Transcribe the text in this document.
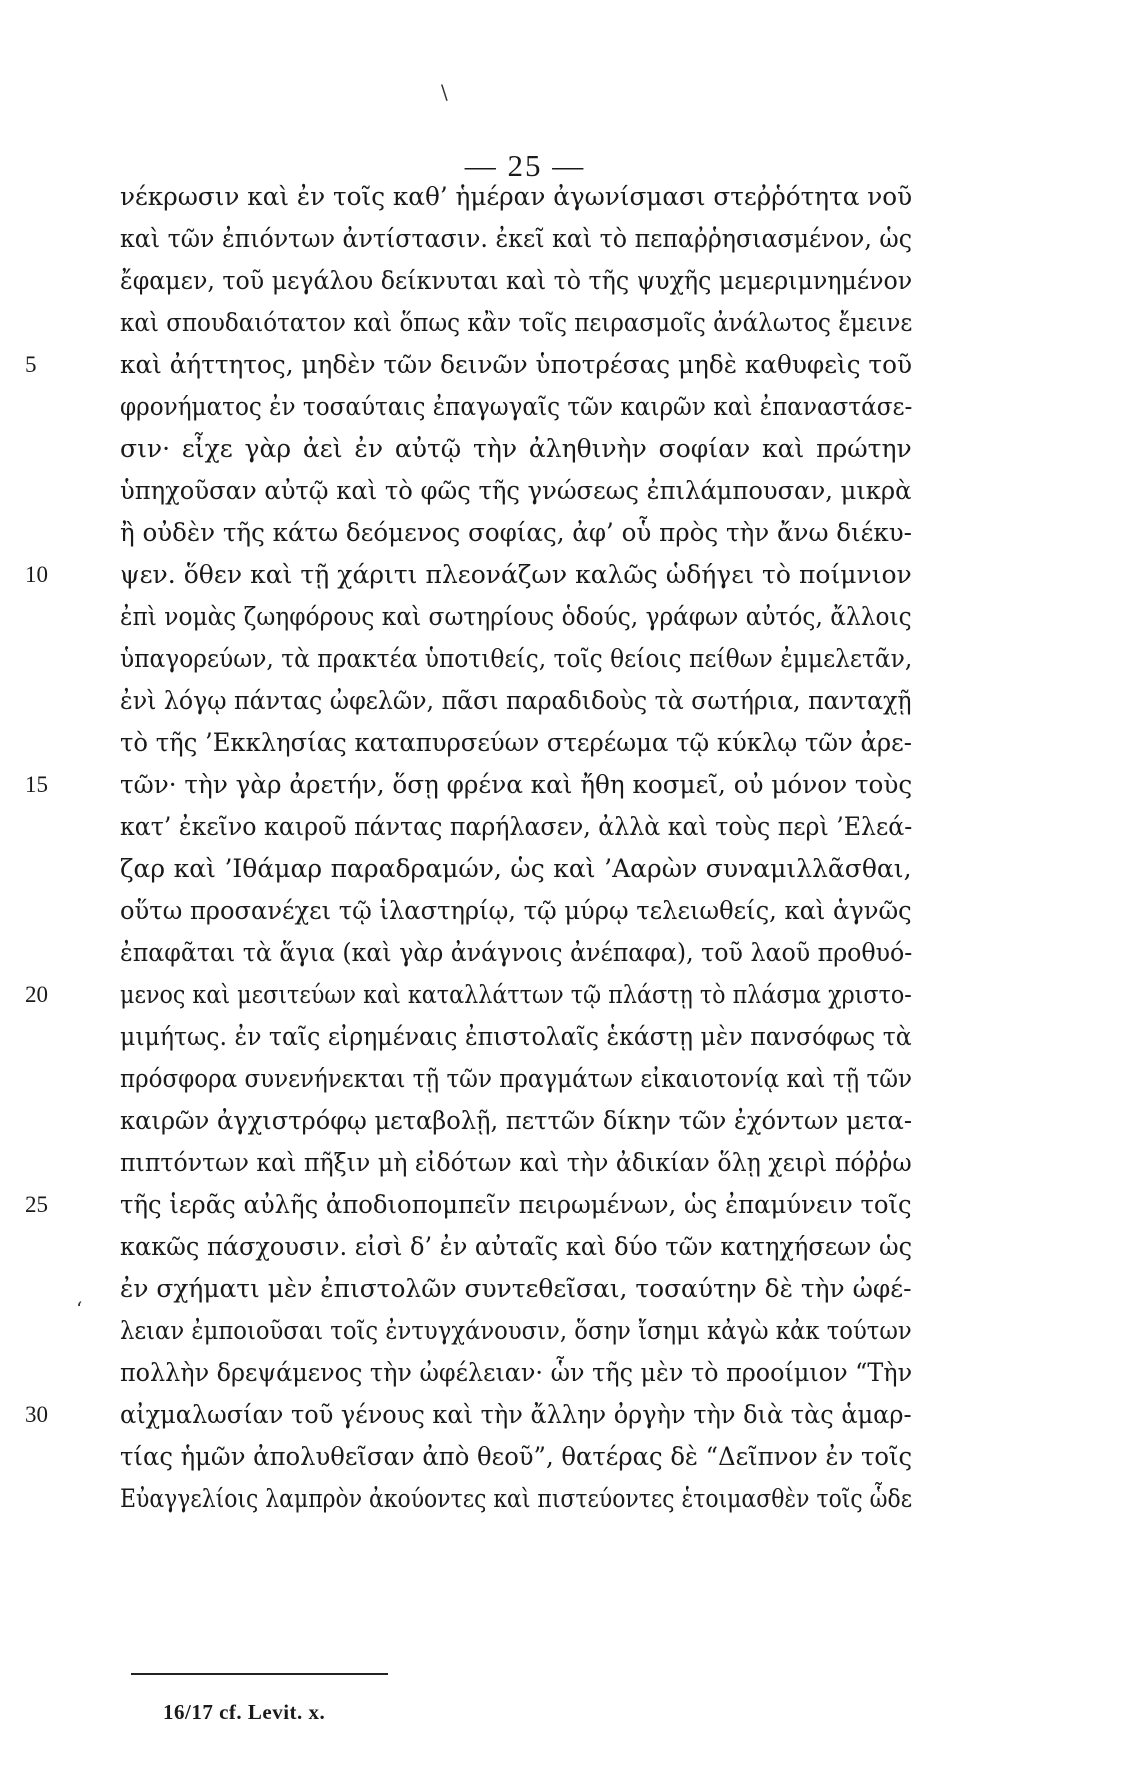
\
— 25 —
νέκρωσιν καὶ ἐν τοῖς καθ’ ἡμέραν ἀγωνίσμασι στεῤῥότητα νοῦ
καὶ τῶν ἐπιόντων ἀντίστασιν. ἐκεῖ καὶ τὸ πεπαῤῥησιασμένον, ὡς
ἔφαμεν, τοῦ μεγάλου δείκνυται καὶ τὸ τῆς ψυχῆς μεμεριμνημένον
καὶ σπουδαιότατον καὶ ὅπως κἂν τοῖς πειρασμοῖς ἀνάλωτος ἔμεινε
5	καὶ ἀήττητος, μηδὲν τῶν δεινῶν ὑποτρέσας μηδὲ καθυφεὶς τοῦ
φρονήματος ἐν τοσαύταις ἐπαγωγαῖς τῶν καιρῶν καὶ ἐπαναστάσε-
σιν· εἶχε γὰρ ἀεὶ ἐν αὐτῷ τὴν ἀληθινὴν σοφίαν καὶ πρώτην
ὑπηχοῦσαν αὐτῷ καὶ τὸ φῶς τῆς γνώσεως ἐπιλάμπουσαν, μικρὰ
ἢ οὐδὲν τῆς κάτω δεόμενος σοφίας, ἀφ’ οὗ πρὸς τὴν ἄνω διέκυ-
10	ψεν. ὅθεν καὶ τῇ χάριτι πλεονάζων καλῶς ὡδήγει τὸ ποίμνιον
ἐπὶ νομὰς ζωηφόρους καὶ σωτηρίους ὁδούς, γράφων αὐτός, ἄλλοις
ὑπαγορεύων, τὰ πρακτέα ὑποτιθείς, τοῖς θείοις πείθων ἐμμελετᾶν,
ἐνὶ λόγῳ πάντας ὠφελῶν, πᾶσι παραδιδοὺς τὰ σωτήρια, πανταχῇ
τὸ τῆς ’Εκκλησίας καταπυρσεύων στερέωμα τῷ κύκλῳ τῶν ἀρε-
15	τῶν· τὴν γὰρ ἀρετήν, ὅσῃ φρένα καὶ ἤθη κοσμεῖ, οὐ μόνον τοὺς
κατ’ ἐκεῖνο καιροῦ πάντας παρήλασεν, ἀλλὰ καὶ τοὺς περὶ ’Ελεά-
ζαρ καὶ ’Ιθάμαρ παραδραμών, ὡς καὶ ’Ααρὼν συναμιλλᾶσθαι,
οὕτω προσανέχει τῷ ἱλαστηρίῳ, τῷ μύρῳ τελειωθείς, καὶ ἁγνῶς
ἐπαφᾶται τὰ ἅγια (καὶ γὰρ ἀνάγνοις ἀνέπαφα), τοῦ λαοῦ προθυό-
20	μενος καὶ μεσιτεύων καὶ καταλλάττων τῷ πλάστῃ τὸ πλάσμα χριστο-
μιμήτως. ἐν ταῖς εἰρημέναις ἐπιστολαῖς ἑκάστῃ μὲν πανσόφως τὰ
πρόσφορα συνενήνεκται τῇ τῶν πραγμάτων εἰκαιοτονίᾳ καὶ τῇ τῶν
καιρῶν ἀγχιστρόφῳ μεταβολῇ, πεττῶν δίκην τῶν ἐχόντων μετα-
πιπτόντων καὶ πῆξιν μὴ εἰδότων καὶ τὴν ἀδικίαν ὅλῃ χειρὶ πόῤῥω
25	τῆς ἱερᾶς αὐλῆς ἀποδιοπομπεῖν πειρωμένων, ὡς ἐπαμύνειν τοῖς
κακῶς πάσχουσιν. εἰσὶ δ’ ἐν αὐταῖς καὶ δύο τῶν κατηχήσεων ὡς
ἐν σχήματι μὲν ἐπιστολῶν συντεθεῖσαι, τοσαύτην δὲ τὴν ὠφέ-
λειαν ἐμποιοῦσαι τοῖς ἐντυγχάνουσιν, ὅσην ἴσημι κἀγὼ κἀκ τούτων
πολλὴν δρεψάμενος τὴν ὠφέλειαν· ὧν τῆς μὲν τὸ προοίμιον “Τὴν
30	αἰχμαλωσίαν τοῦ γένους καὶ τὴν ἄλλην ὀργὴν τὴν διὰ τὰς ἁμαρ-
τίας ἡμῶν ἀπολυθεῖσαν ἀπὸ θεοῦ”, θατέρας δὲ “Δεῖπνον ἐν τοῖς
Εὐαγγελίοις λαμπρὸν ἀκούοντες καὶ πιστεύοντες ἑτοιμασθὲν τοῖς ὧδε
ʻ
16/17 cf. Levit. x.
